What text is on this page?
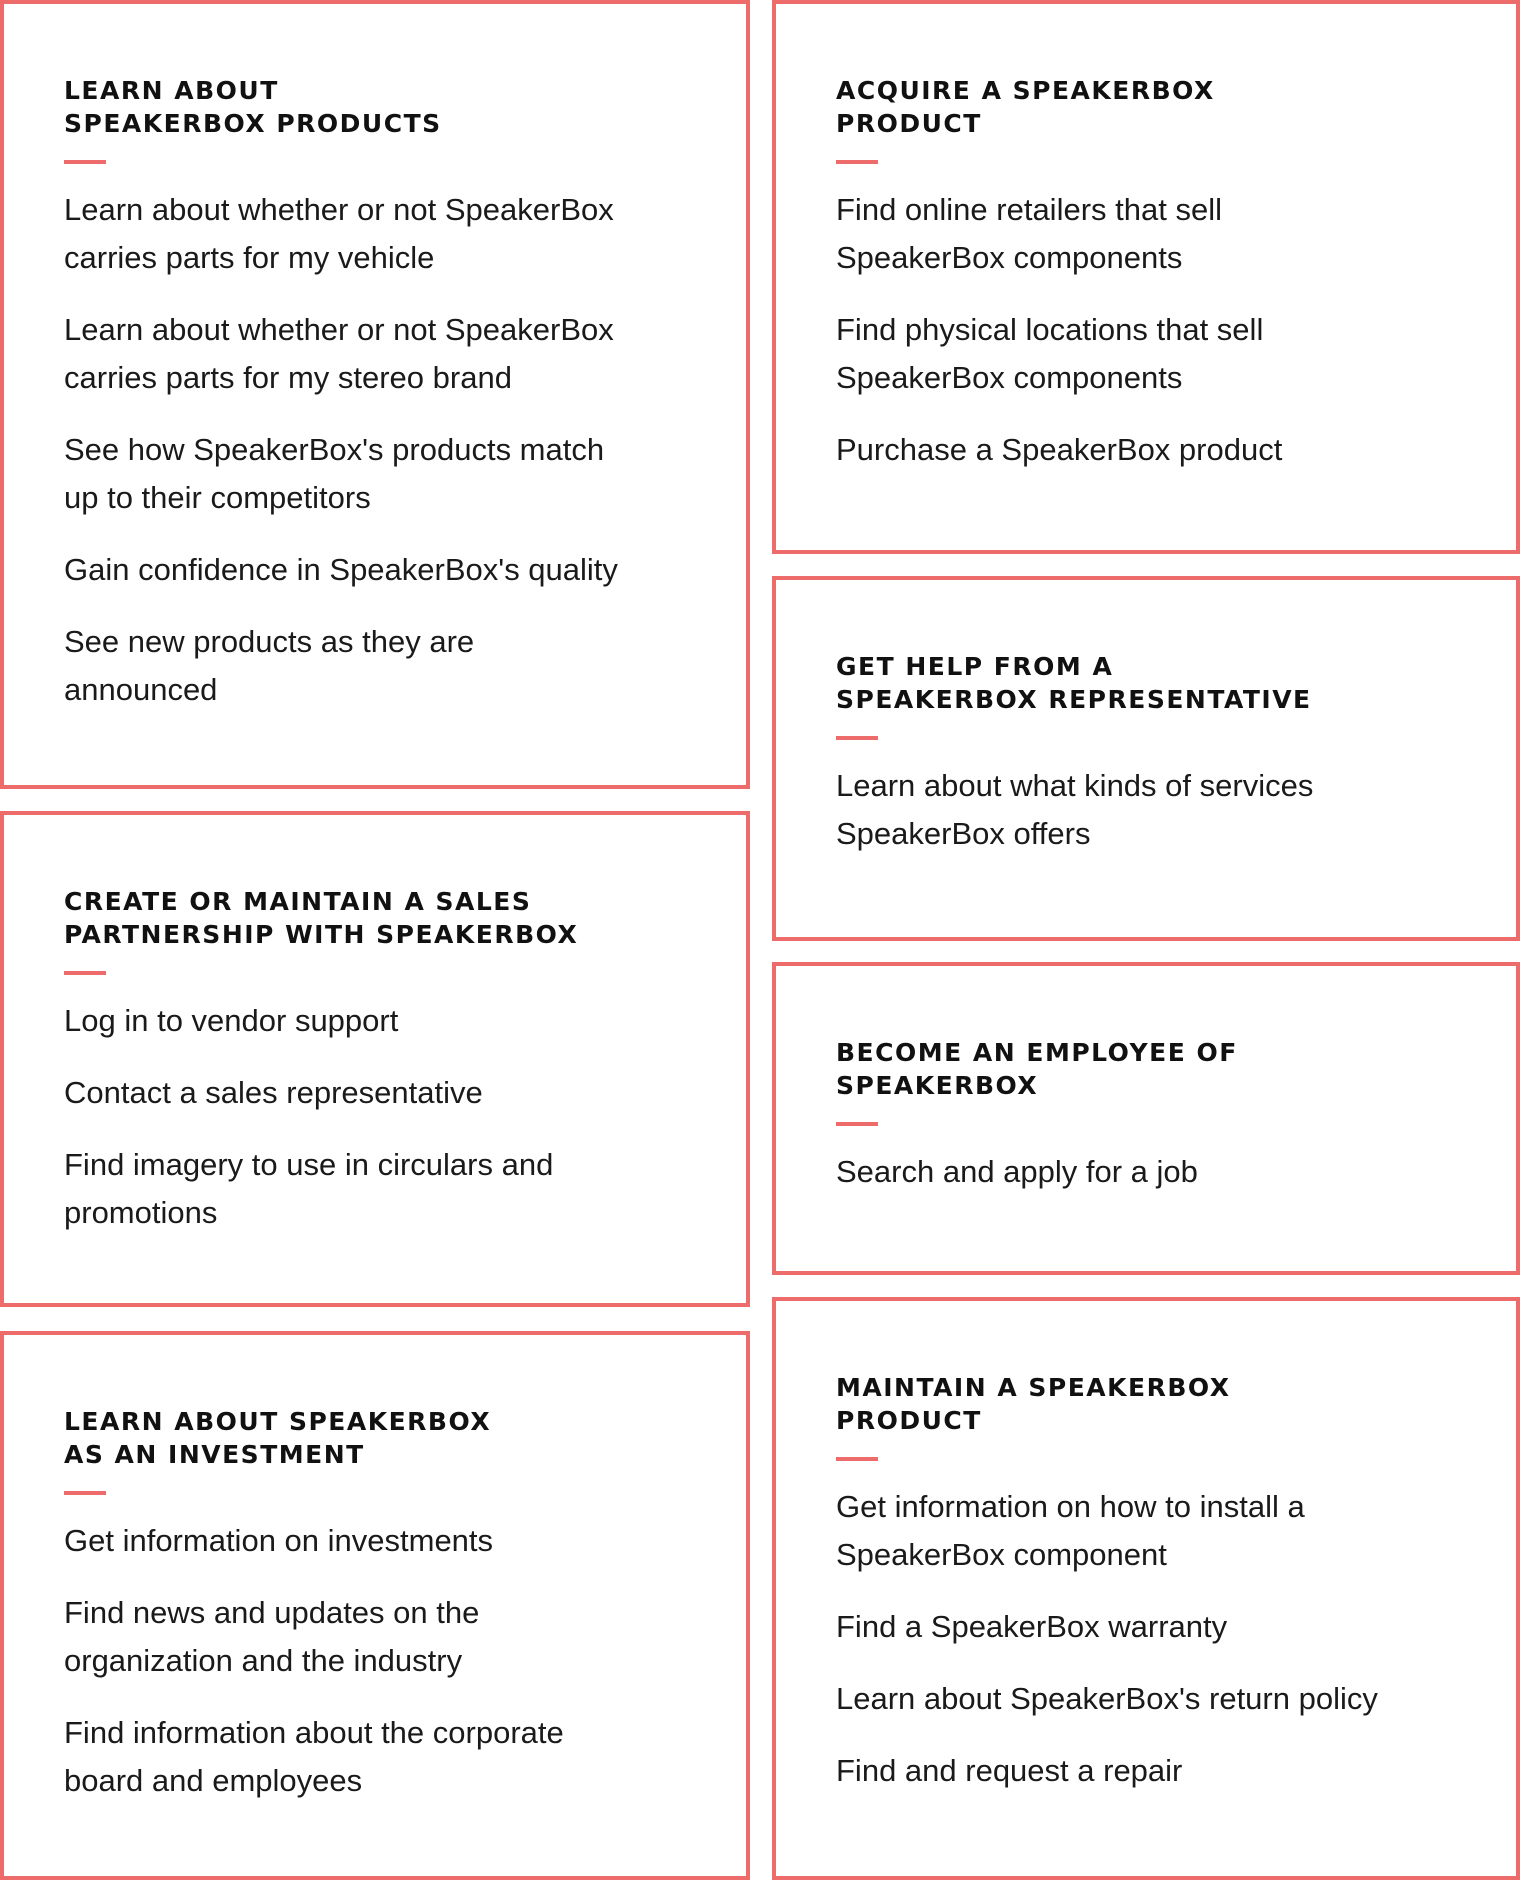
LEARN ABOUT SPEAKERBOX PRODUCTS
Learn about whether or not SpeakerBox carries parts for my vehicle
Learn about whether or not SpeakerBox carries parts for my stereo brand
See how SpeakerBox's products match up to their competitors
Gain confidence in SpeakerBox's quality
See new products as they are announced
CREATE OR MAINTAIN A SALES PARTNERSHIP WITH SPEAKERBOX
Log in to vendor support
Contact a sales representative
Find imagery to use in circulars and promotions
LEARN ABOUT SPEAKERBOX AS AN INVESTMENT
Get information on investments
Find news and updates on the organization and the industry
Find information about the corporate board and employees
ACQUIRE A SPEAKERBOX PRODUCT
Find online retailers that sell SpeakerBox components
Find physical locations that sell SpeakerBox components
Purchase a SpeakerBox product
GET HELP FROM A SPEAKERBOX REPRESENTATIVE
Learn about what kinds of services SpeakerBox offers
BECOME AN EMPLOYEE OF SPEAKERBOX
Search and apply for a job
MAINTAIN A SPEAKERBOX PRODUCT
Get information on how to install a SpeakerBox component
Find a SpeakerBox warranty
Learn about SpeakerBox's return policy
Find and request a repair
